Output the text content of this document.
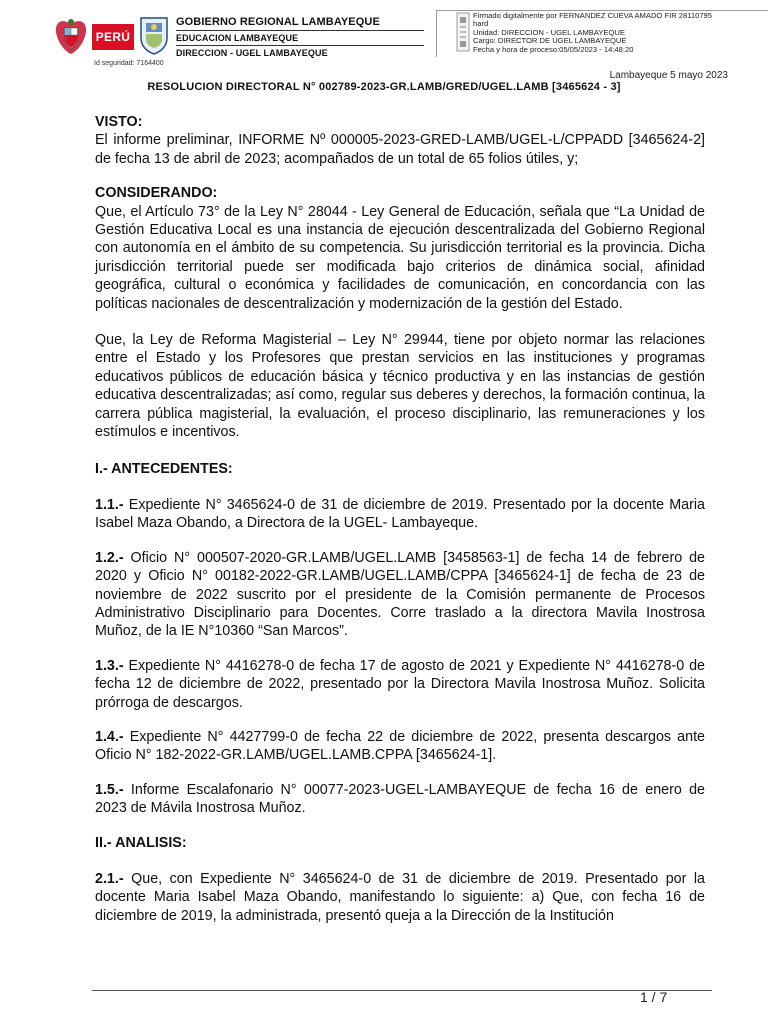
PERÚ
GOBIERNO REGIONAL LAMBAYEQUE
EDUCACION LAMBAYEQUE
DIRECCION - UGEL LAMBAYEQUE
Firmado digitalmente por FERNANDEZ CUEVA AMADO FIR 28110795
hard
Unidad: DIRECCION - UGEL LAMBAYEQUE
Cargo: DIRECTOR DE UGEL LAMBAYEQUE
Fecha y hora de proceso:05/05/2023 - 14:48:20
Id seguridad: 7164400
Lambayeque 5 mayo 2023
RESOLUCION DIRECTORAL N° 002789-2023-GR.LAMB/GRED/UGEL.LAMB [3465624 - 3]
VISTO:

El informe preliminar, INFORME Nº 000005-2023-GRED-LAMB/UGEL-L/CPPADD [3465624-2] de fecha 13 de abril de 2023; acompañados de un total de 65 folios útiles, y;

CONSIDERANDO:

Que, el Artículo 73° de la Ley N° 28044 - Ley General de Educación, señala que “La Unidad de Gestión Educativa Local es una instancia de ejecución descentralizada del Gobierno Regional con autonomía en el ámbito de su competencia. Su jurisdicción territorial es la provincia. Dicha jurisdicción territorial puede ser modificada bajo criterios de dinámica social, afinidad geográfica, cultural o económica y facilidades de comunicación, en concordancia con las políticas nacionales de descentralización y modernización de la gestión del Estado.

Que, la Ley de Reforma Magisterial – Ley N° 29944, tiene por objeto normar las relaciones entre el Estado y los Profesores que prestan servicios en las instituciones y programas educativos públicos de educación básica y técnico productiva y en las instancias de gestión educativa descentralizadas; así como, regular sus deberes y derechos, la formación continua, la carrera pública magisterial, la evaluación, el proceso disciplinario, las remuneraciones y los estímulos e incentivos.

I.- ANTECEDENTES:

1.1.- Expediente N° 3465624-0 de 31 de diciembre de 2019. Presentado por la docente Maria Isabel Maza Obando, a Directora de la UGEL- Lambayeque.

1.2.- Oficio N° 000507-2020-GR.LAMB/UGEL.LAMB [3458563-1] de fecha 14 de febrero de 2020 y Oficio N° 00182-2022-GR.LAMB/UGEL.LAMB/CPPA [3465624-1] de fecha de 23 de noviembre de 2022 suscrito por el presidente de la Comisión permanente de Procesos Administrativo Disciplinario para Docentes. Corre traslado a la directora Mavila Inostrosa Muñoz, de la IE N°10360 “San Marcos”.

1.3.- Expediente N° 4416278-0 de fecha 17 de agosto de 2021 y Expediente N° 4416278-0 de fecha 12 de diciembre de 2022, presentado por la Directora Mavila Inostrosa Muñoz. Solicita prórroga de descargos.

1.4.- Expediente N° 4427799-0 de fecha 22 de diciembre de 2022, presenta descargos ante Oficio N° 182-2022-GR.LAMB/UGEL.LAMB.CPPA [3465624-1].

1.5.- Informe Escalafonario N° 00077-2023-UGEL-LAMBAYEQUE de fecha 16 de enero de 2023 de Mávila Inostrosa Muñoz.

II.- ANALISIS:

2.1.- Que, con Expediente N° 3465624-0 de 31 de diciembre de 2019. Presentado por la docente Maria Isabel Maza Obando, manifestando lo siguiente: a) Que, con fecha 16 de diciembre de 2019, la administrada, presentó queja a la Dirección de la Institución

1 / 7
